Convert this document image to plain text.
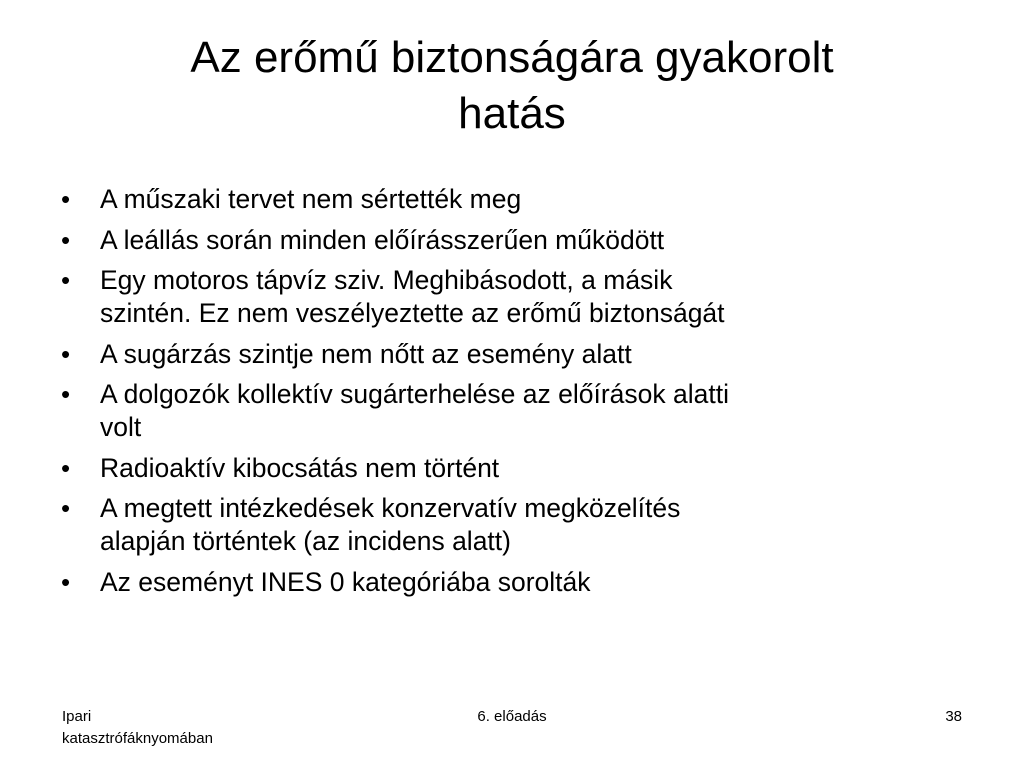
Az erőmű biztonságára gyakorolt
hatás
• A műszaki tervet nem sértették meg
• A leállás során minden előírásszerűen működött
• Egy motoros tápvíz sziv. Meghibásodott, a másik
szintén. Ez nem veszélyeztette az erőmű biztonságát
• A sugárzás szintje nem nőtt az esemény alatt
• A dolgozók kollektív sugárterhelése az előírások alatti
volt
• Radioaktív kibocsátás nem történt
• A megtett intézkedések konzervatív megközelítés
alapján történtek (az incidens alatt)
• Az eseményt INES 0 kategóriába sorolták
Ipari
katasztrófáknyomában
6. előadás	38
